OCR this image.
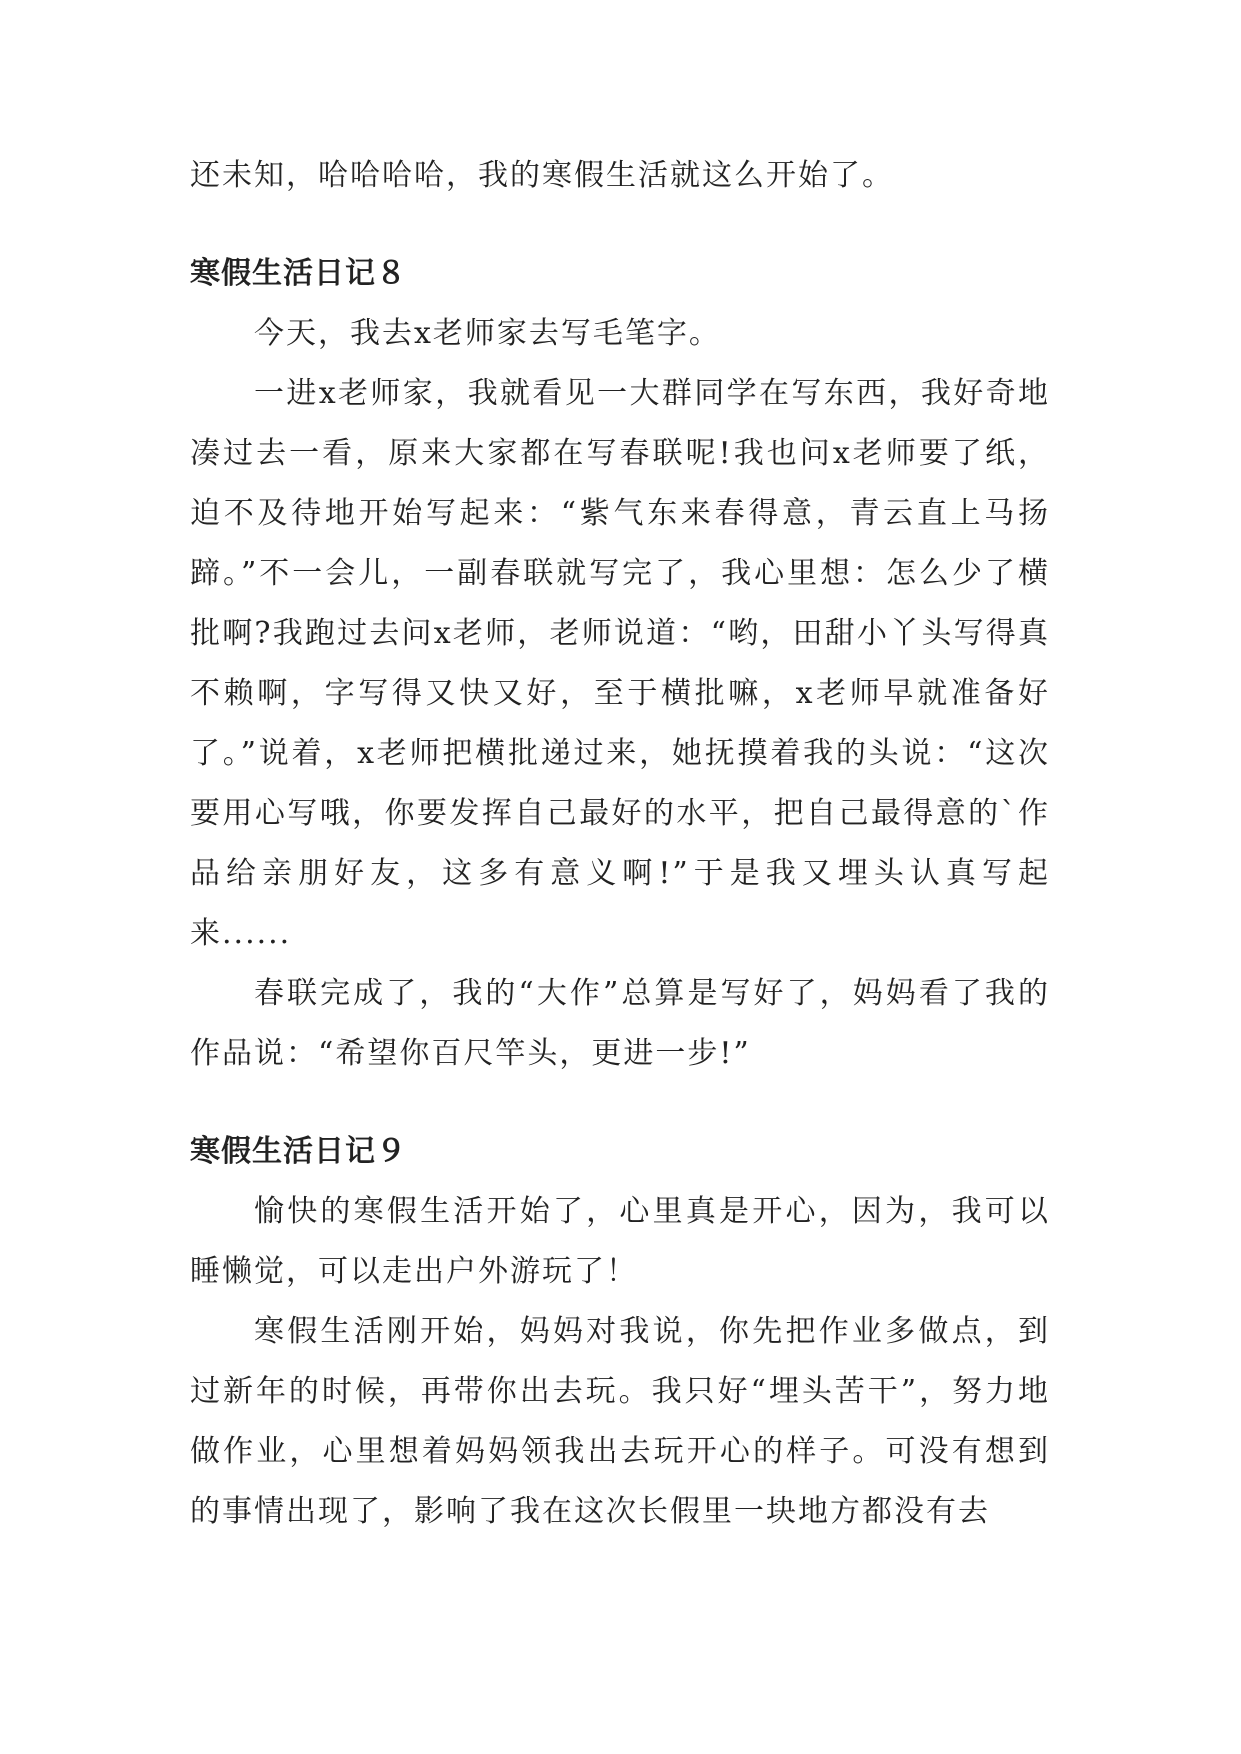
还未知，哈哈哈哈，我的寒假生活就这么开始了。

寒假生活日记８

今天，我去x老师家去写毛笔字。

一进x老师家，我就看见一大群同学在写东西，我好奇地凑过去一看，原来大家都在写春联呢!我也问x老师要了纸，迫不及待地开始写起来：“紫气东来春得意，青云直上马扬蹄。”不一会儿，一副春联就写完了，我心里想：怎么少了横批啊?我跑过去问x老师，老师说道：“哟，田甜小丫头写得真不赖啊，字写得又快又好，至于横批嘛，x老师早就准备好了。”说着，x老师把横批递过来，她抚摸着我的头说：“这次要用心写哦，你要发挥自己最好的水平，把自己最得意的`作品给亲朋好友，这多有意义啊!”于是我又埋头认真写起来......

春联完成了，我的“大作”总算是写好了，妈妈看了我的作品说：“希望你百尺竿头，更进一步!”

寒假生活日记９

愉快的寒假生活开始了，心里真是开心，因为，我可以睡懒觉，可以走出户外游玩了！

寒假生活刚开始，妈妈对我说，你先把作业多做点，到过新年的时候，再带你出去玩。我只好“埋头苦干”，努力地做作业，心里想着妈妈领我出去玩开心的样子。可没有想到的事情出现了，影响了我在这次长假里一块地方都没有去
